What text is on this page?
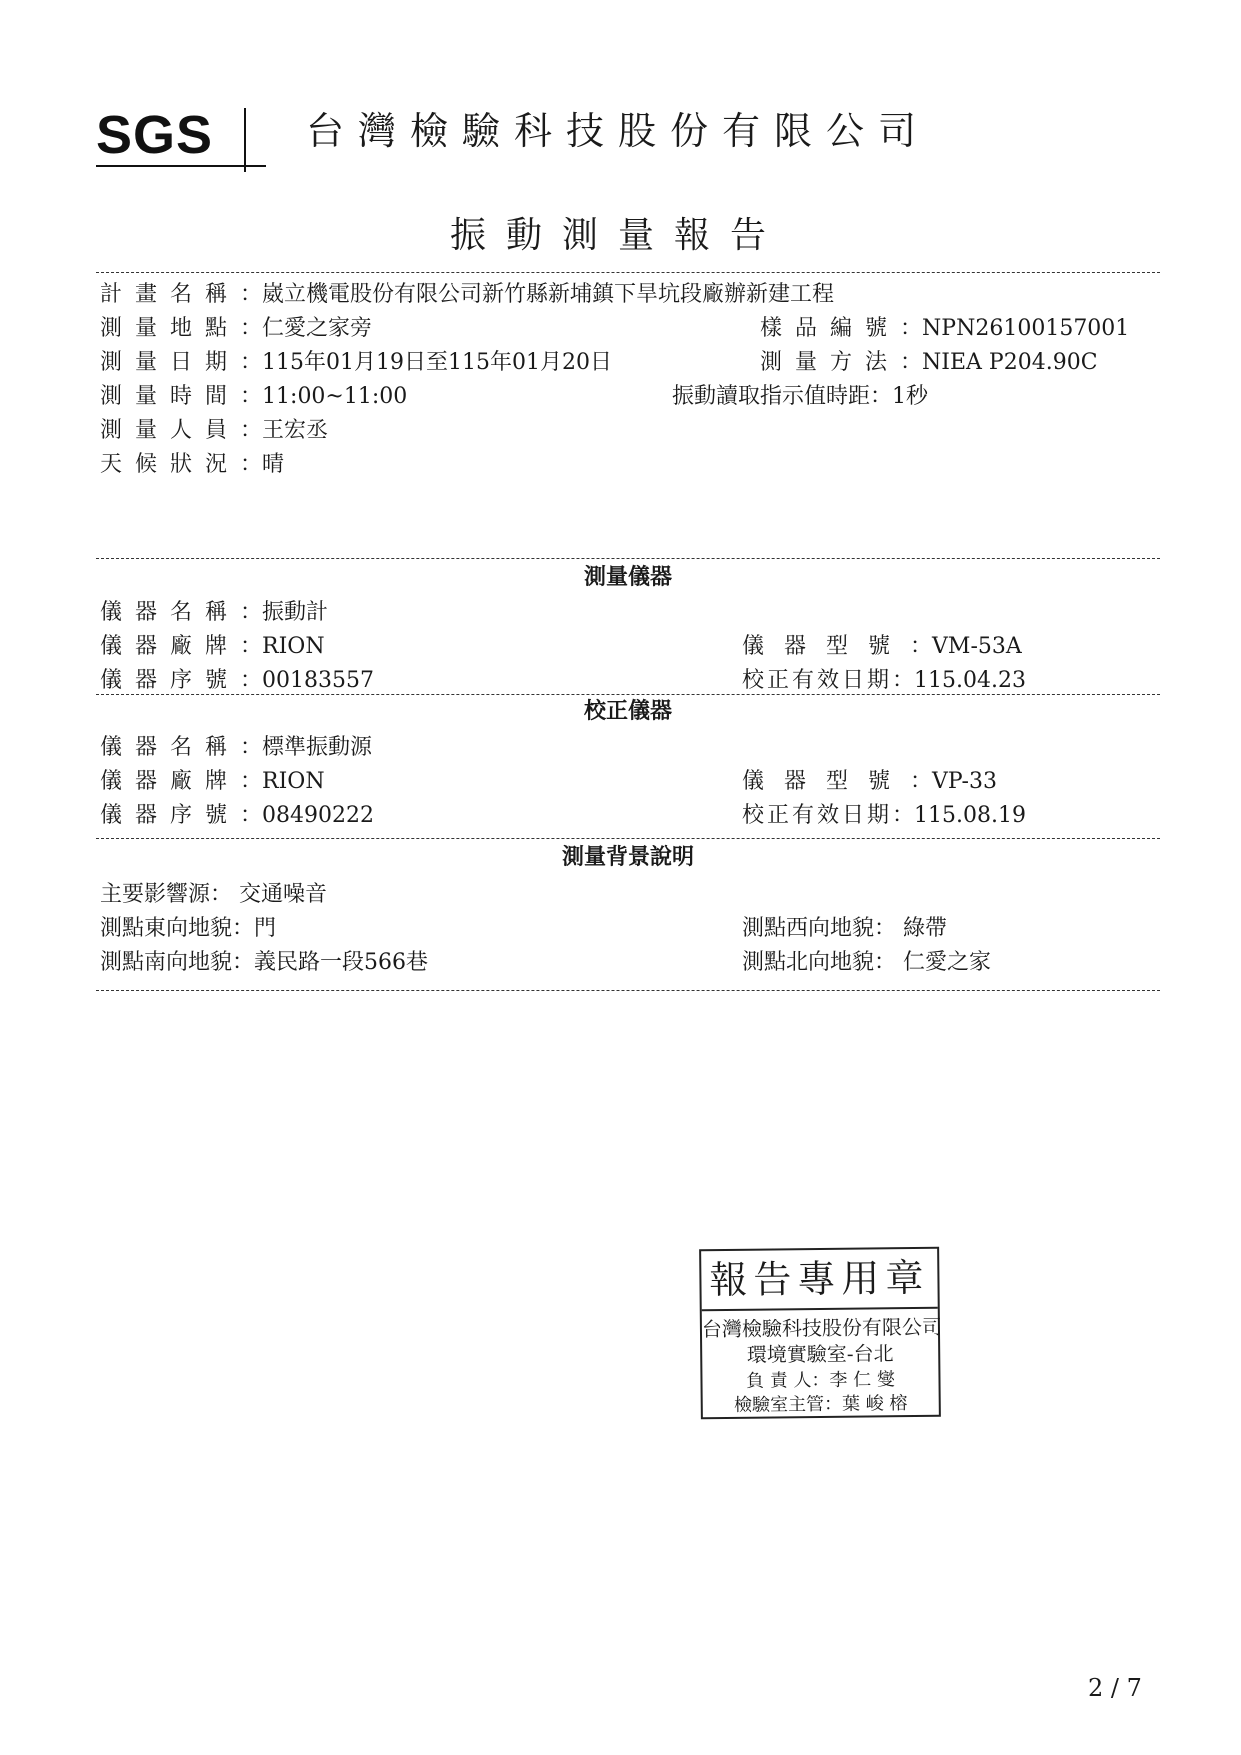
SGS 台灣檢驗科技股份有限公司
振動測量報告
計畫名稱：崴立機電股份有限公司新竹縣新埔鎮下旱坑段廠辦新建工程
測量地點：仁愛之家旁	樣品編號：NPN26100157001
測量日期：115年01月19日至115年01月20日	測量方法：NIEA P204.90C
測量時間：11:00~11:00	振動讀取指示值時距：1秒
測量人員：王宏丞
天候狀況：晴
測量儀器
儀器名稱：振動計
儀器廠牌：RION	儀器型號：VM-53A
儀器序號：00183557	校正有效日期：115.04.23
校正儀器
儀器名稱：標準振動源
儀器廠牌：RION	儀器型號：VP-33
儀器序號：08490222	校正有效日期：115.08.19
測量背景說明
主要影響源： 交通噪音
測點東向地貌：門	測點西向地貌： 綠帶
測點南向地貌：義民路一段566巷	測點北向地貌： 仁愛之家
報告專用章
台灣檢驗科技股份有限公司
環境實驗室-台北
負 責 人：李 仁 燮
檢驗室主管：葉 峻 榕
2 / 7
